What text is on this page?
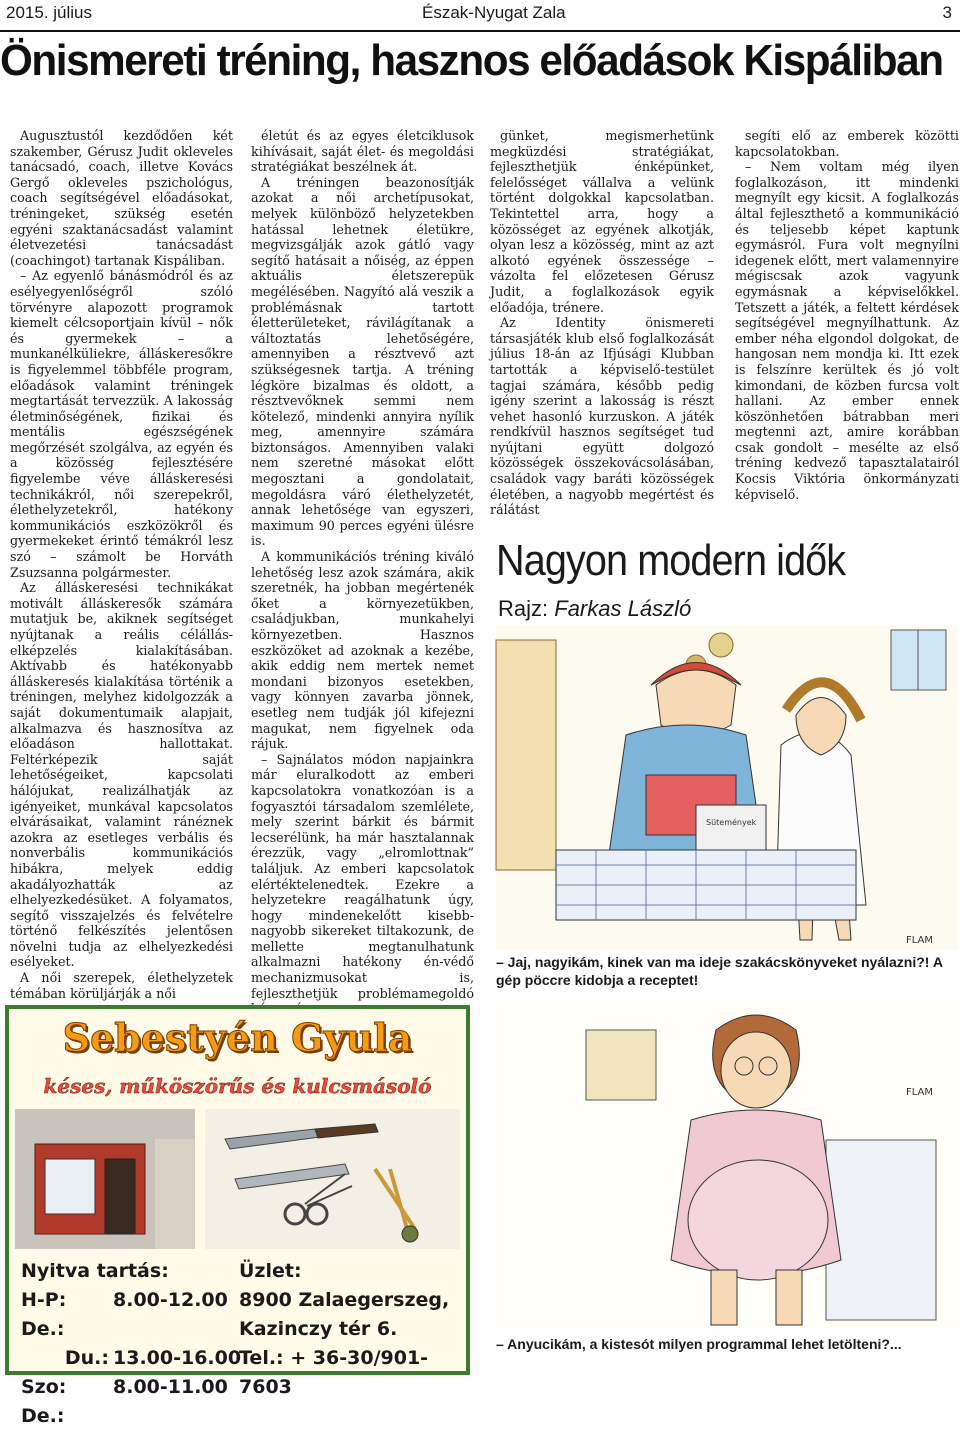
2015. július	Észak-Nyugat Zala	3
Önismereti tréning, hasznos előadások Kispáliban

Augusztustól kezdődően két szakember, Gérusz Judit okleveles tanácsadó, coach, illetve Kovács Gergő okleveles pszichológus, coach segítségével előadásokat, tréningeket, szükség esetén egyéni szaktanácsadást valamint életvezetési tanácsadást (coachingot) tartanak Kispáliban.

– Az egyenlő bánásmódról és az esélyegyenlőségről szóló törvényre alapozott programok kiemelt célcsoportjain kívül – nők és gyermekek – a munkanélküliekre, álláskeresőkre is figyelemmel többféle program, előadások valamint tréningek megtartását tervezzük. A lakosság életminőségének, fizikai és mentális egészségének megőrzését szolgálva, az egyén és a közösség fejlesztésére figyelembe véve álláskeresési technikákról, női szerepekről, élethelyzetekről, hatékony kommunikációs eszközökről és gyermekeket érintő témákról lesz szó – számolt be Horváth Zsuzsanna polgármester.

Az álláskeresési technikákat motivált álláskeresők számára mutatjuk be, akiknek segítséget nyújtanak a reális célállás-elképzelés kialakításában. Aktívabb és hatékonyabb álláskeresés kialakítása történik a tréningen, melyhez kidolgozzák a saját dokumentumaik alapjait, alkalmazva és hasznosítva az előadáson hallottakat. Feltérképezik saját lehetőségeiket, kapcsolati hálójukat, realizálhatják az igényeiket, munkával kapcsolatos elvárásaikat, valamint ránéznek azokra az esetleges verbális és nonverbális kommunikációs hibákra, melyek eddig akadályozhatták az elhelyezkedésüket. A folyamatos, segítő visszajelzés és felvételre történő felkészítés jelentősen növelni tudja az elhelyezkedési esélyeket.

A női szerepek, élethelyzetek témában körüljárják a női

életút és az egyes életciklusok kihívásait, saját élet- és megoldási stratégiákat beszélnek át.

A tréningen beazonosítják azokat a női archetípusokat, melyek különböző helyzetekben hatással lehetnek életükre, megvizsgálják azok gátló vagy segítő hatásait a nőiség, az éppen aktuális életszerepük megélésében. Nagyító alá veszik a problémásnak tartott életterületeket, rávilágítanak a változtatás lehetőségére, amennyiben a résztvevő azt szükségesnek tartja. A tréning légköre bizalmas és oldott, a résztvevőknek semmi nem kötelező, mindenki annyira nyílik meg, amennyire számára biztonságos. Amennyiben valaki nem szeretné másokat előtt megosztani a gondolatait, megoldásra váró élethelyzetét, annak lehetősége van egyszeri, maximum 90 perces egyéni ülésre is.

A kommunikációs tréning kiváló lehetőség lesz azok számára, akik szeretnék, ha jobban megértenék őket a környezetükben, családjukban, munkahelyi környezetben. Hasznos eszközöket ad azoknak a kezébe, akik eddig nem mertek nemet mondani bizonyos esetekben, vagy könnyen zavarba jönnek, esetleg nem tudják jól kifejezni magukat, nem figyelnek oda rájuk.

– Sajnálatos módon napjainkra már eluralkodott az emberi kapcsolatokra vonatkozóan is a fogyasztói társadalom szemlélete, mely szerint bárkit és bármit lecserélünk, ha már hasztalannak érezzük, vagy „elromlottnak” találjuk. Az emberi kapcsolatok elértéktelenedtek. Ezekre a helyzetekre reagálhatunk úgy, hogy mindenekelőtt kisebb-nagyobb sikereket tiltakozunk, de mellette megtanulhatunk alkalmazni hatékony én-védő mechanizmusokat is, fejleszthetjük problémamegoldó

günket, megismerhetünk megküzdési stratégiákat, fejleszthetjük énképünket, felelősséget vállalva a velünk történt dolgokkal kapcsolatban. Tekintettel arra, hogy a közösséget az egyének alkotják, olyan lesz a közösség, mint az azt alkotó egyének összessége – vázolta fel előzetesen Gérusz Judit, a foglalkozások egyik előadója, trénere.

Az Identity önismereti társasjáték klub első foglalkozását július 18-án az Ifjúsági Klubban tartották a képviselő-testület tagjai számára, később pedig igény szerint a lakosság is részt vehet hasonló kurzuskon. A játék rendkívül hasznos segítséget tud nyújtani együtt dolgozó közösségek összekovácsolásában, családok vagy baráti közösségek életében, a nagyobb megértést és rálátást

segíti elő az emberek közötti kapcsolatokban.

– Nem voltam még ilyen foglalkozáson, itt mindenki megnyílt egy kicsit. A foglalkozás által fejleszthető a kommunikáció és teljesebb képet kaptunk egymásról. Fura volt megnyílni idegenek előtt, mert valamennyire mégiscsak azok vagyunk egymásnak a képviselőkkel. Tetszett a játék, a feltett kérdések segítségével megnyílhattunk. Az ember néha elgondol dolgokat, de hangosan nem mondja ki. Itt ezek is felszínre kerültek és jó volt kimondani, de közben furcsa volt hallani. Az ember ennek köszönhetően bátrabban meri megtenni azt, amire korábban csak gondolt – mesélte az első tréning kedvező tapasztalatairól Kocsis Viktória önkormányzati képviselő.

Nagyon modern idők
Rajz: Farkas László
Sütemények
FLAM
– Jaj, nagyikám, kinek van ma ideje szakácskönyveket nyálazni?! A gép pöccre kidobja a receptet!
FLAM
– Anyucikám, a kistesót milyen programmal lehet letölteni?...
Sebestyén Gyula
késes, műköszörűs és kulcsmásoló
Nyitva tartás:
H-P: De.:
8.00-12.00
Du.: 13.00-16.00
Szo: De.:
8.00-11.00
Üzlet:
8900 Zalaegerszeg,
Kazinczy tér 6.
Tel.: + 36-30/901-7603
